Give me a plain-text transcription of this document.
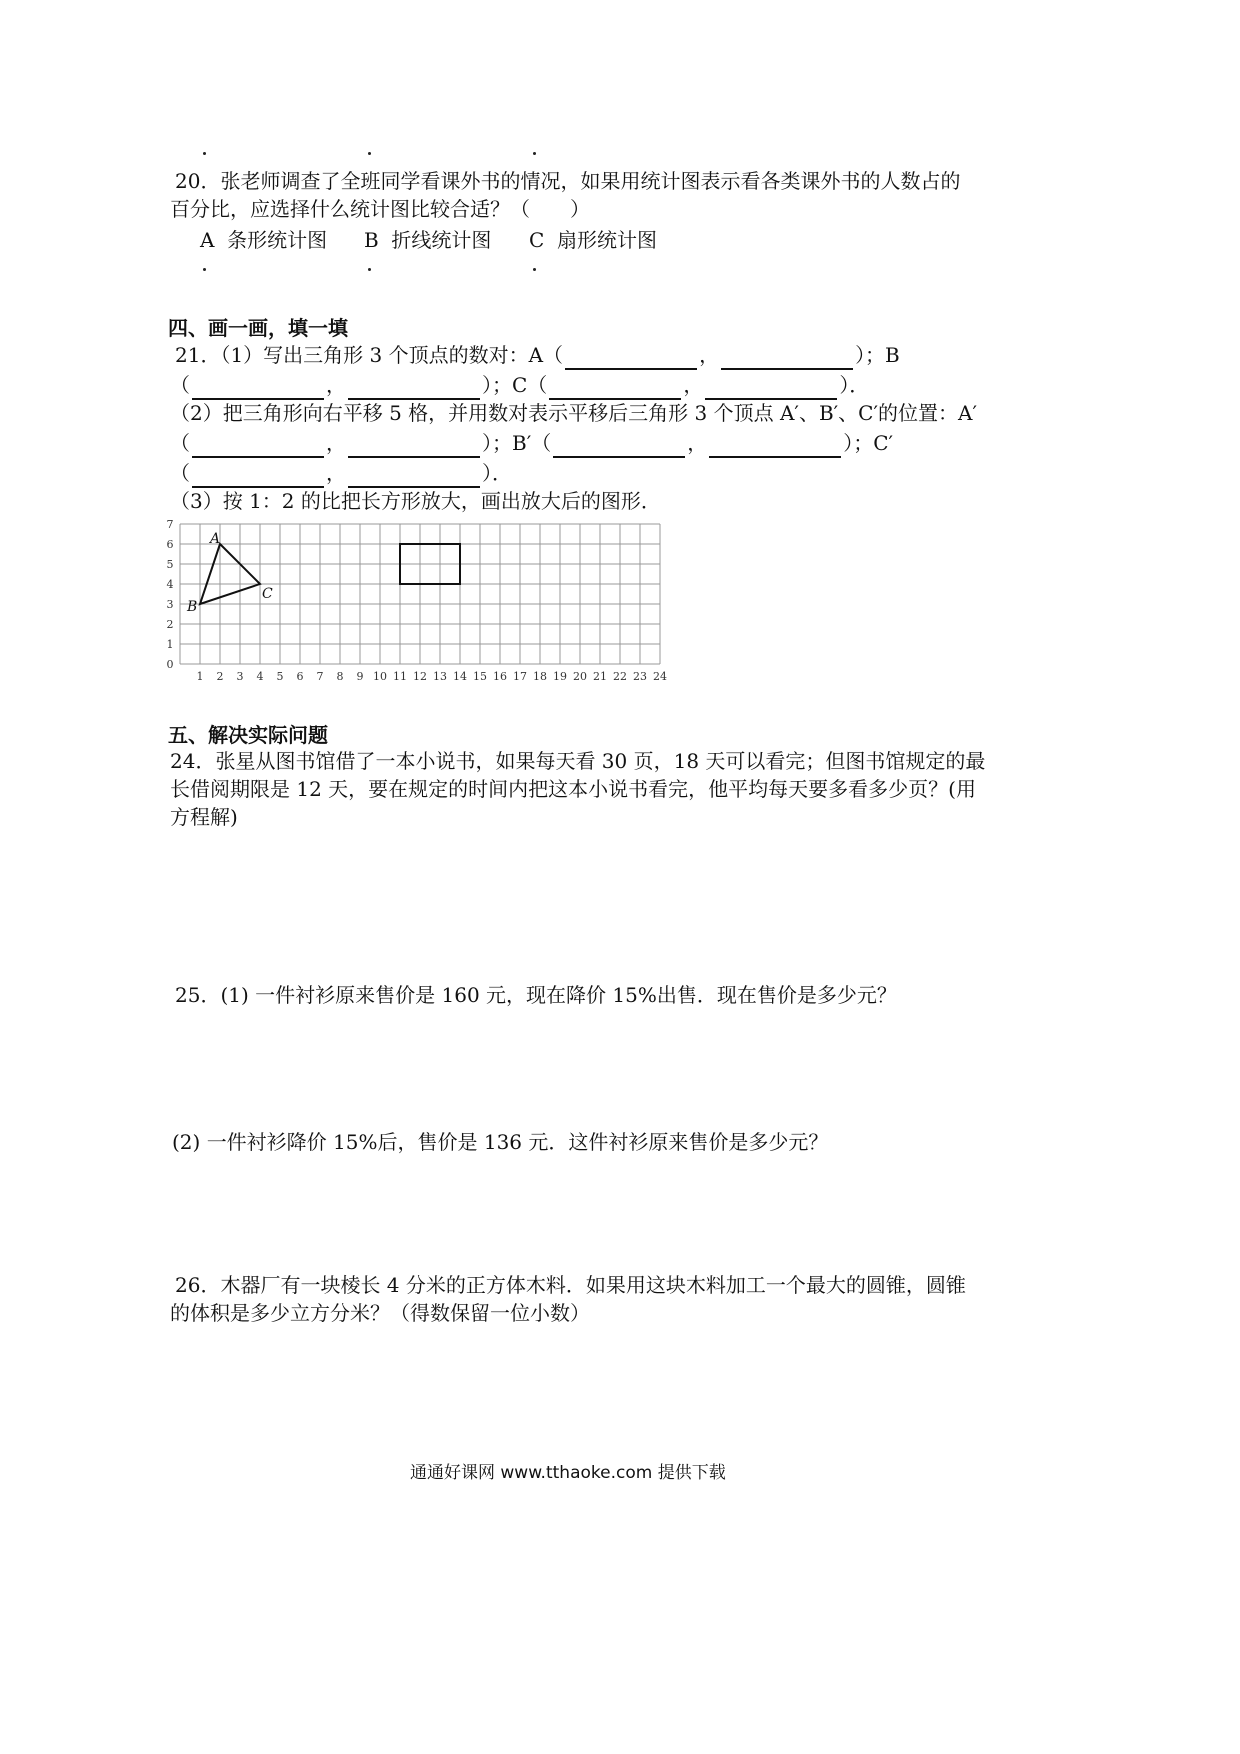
20．张老师调查了全班同学看课外书的情况，如果用统计图表示看各类课外书的人数占的
百分比，应选择什么统计图比较合适？（　　）
A 条形统计图 B 折线统计图 C 扇形统计图
四、画一画，填一填
21．（1）写出三角形 3 个顶点的数对：A（	，	）；B
（	，	）；C（	，	）．
（2）把三角形向右平移 5 格，并用数对表示平移后三角形 3 个顶点 A′、B′、C′的位置：A′
（	，	）；B′（	，	）；C′
（	，	）．
（3）按 1：2 的比把长方形放大，画出放大后的图形．
0
1
2
3
4
5
6
7
1 2 3 4 5 6 7 8 9 10 11 12 13 14 15 16 17 18 19 20 21 22 23 24
A
B
C
五、解决实际问题
24．张星从图书馆借了一本小说书，如果每天看 30 页，18 天可以看完；但图书馆规定的最
长借阅期限是 12 天，要在规定的时间内把这本小说书看完，他平均每天要多看多少页？(用
方程解)
25．(1) 一件衬衫原来售价是 160 元，现在降价 15%出售．现在售价是多少元？
(2) 一件衬衫降价 15%后，售价是 136 元．这件衬衫原来售价是多少元？
26．木器厂有一块棱长 4 分米的正方体木料．如果用这块木料加工一个最大的圆锥，圆锥
的体积是多少立方分米？（得数保留一位小数）
通通好课网 www.tthaoke.com 提供下载
